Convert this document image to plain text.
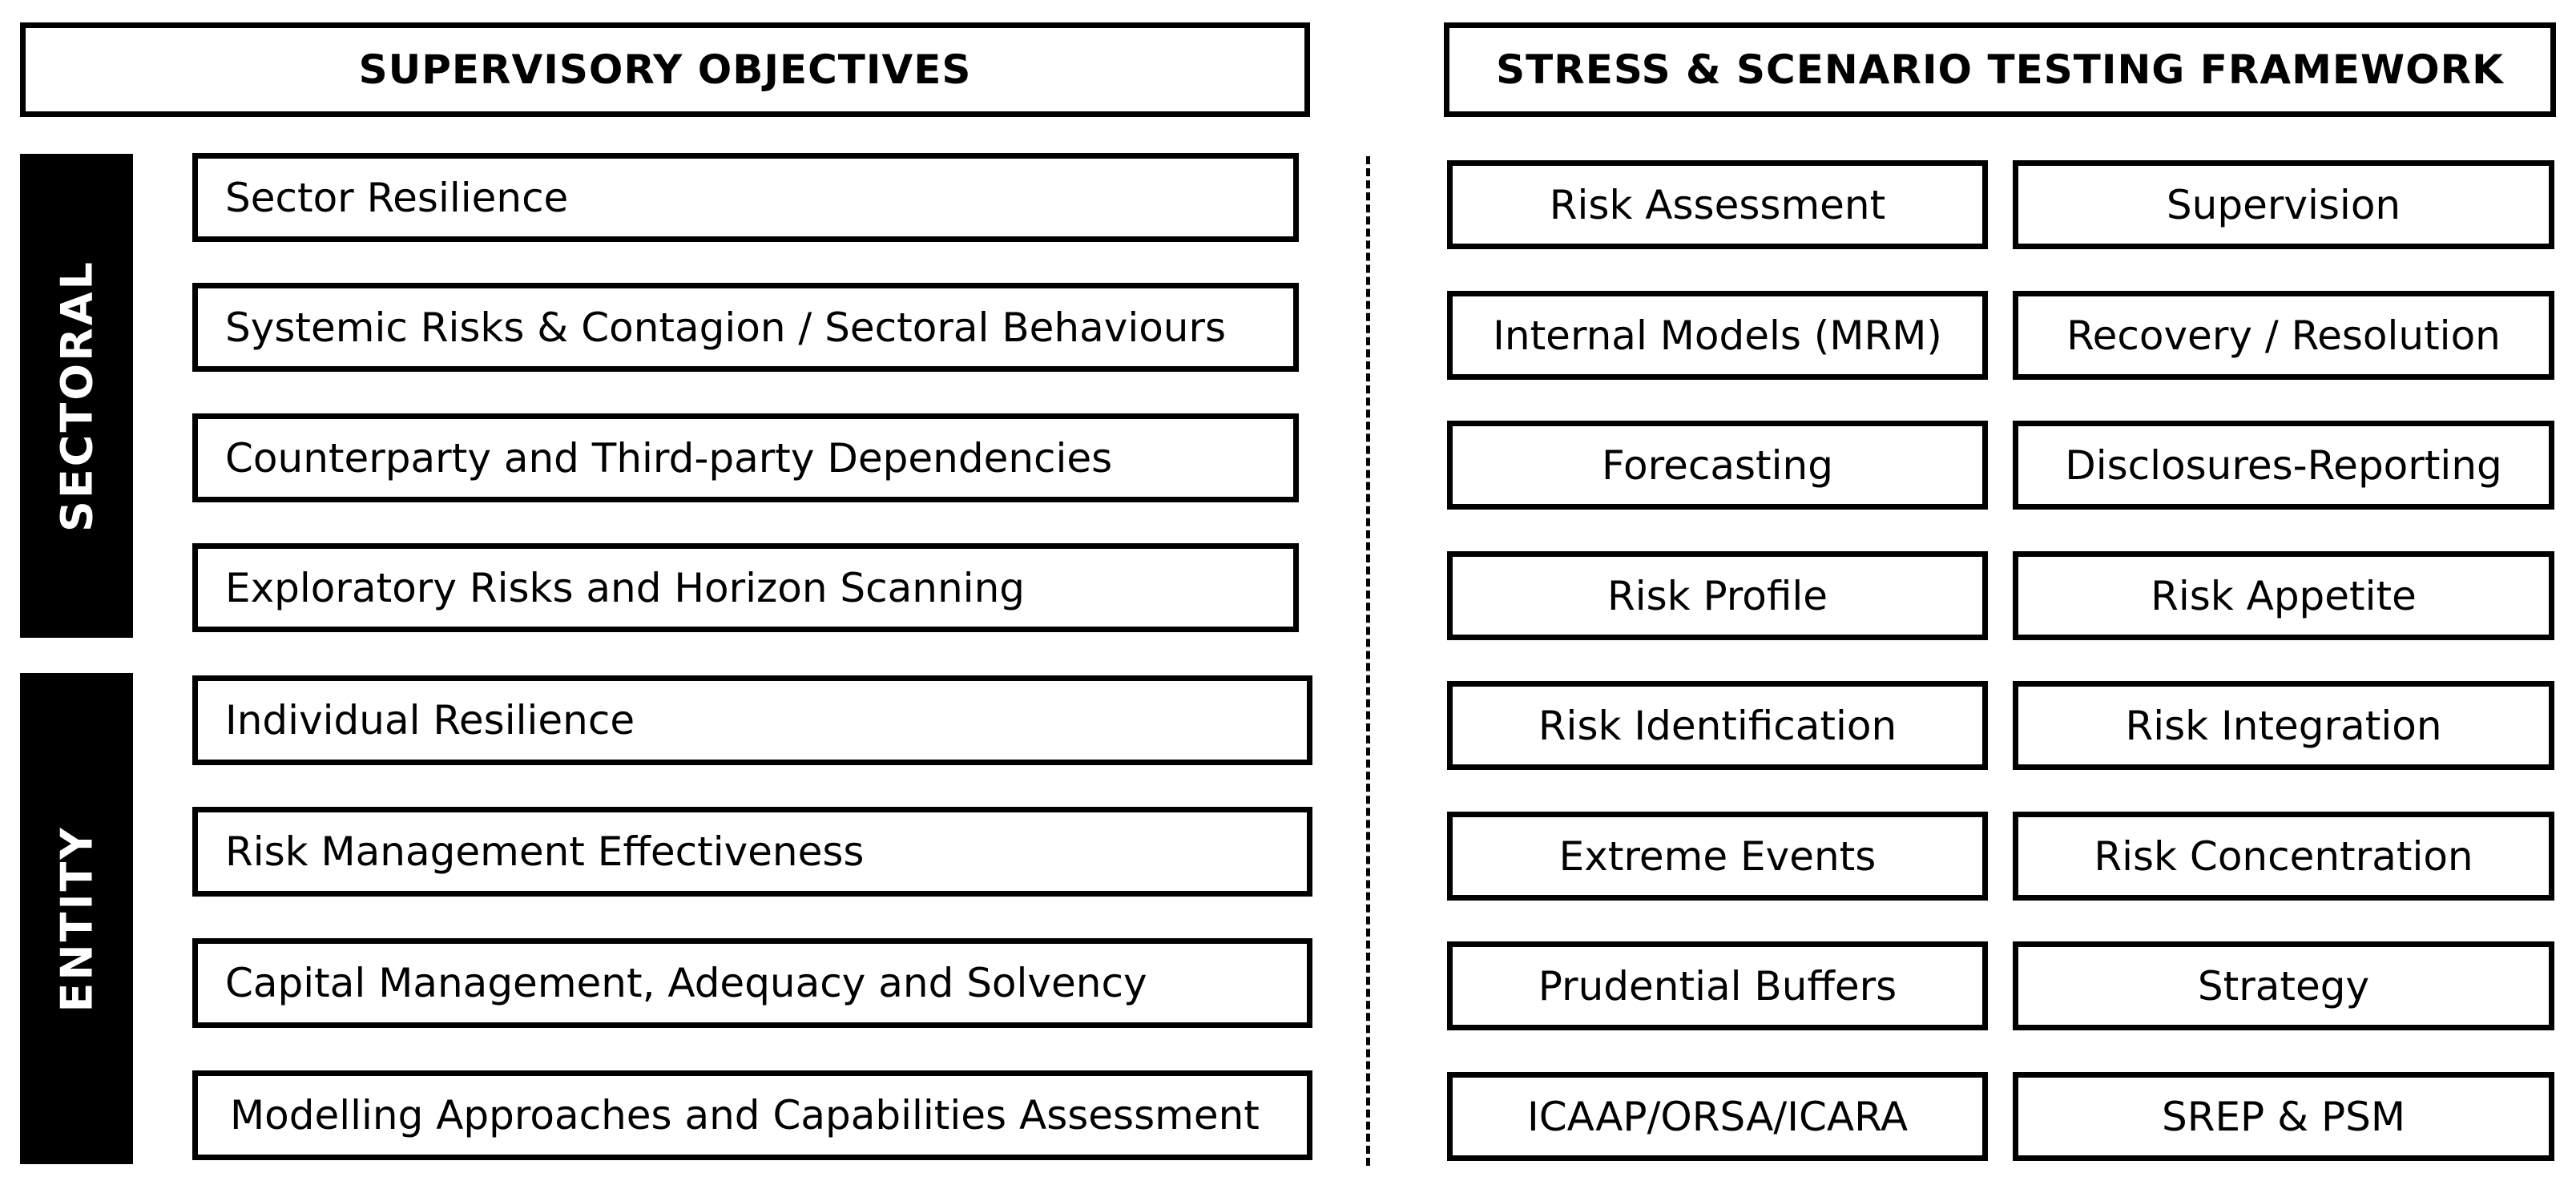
SUPERVISORY OBJECTIVES	STRESS & SCENARIO TESTING FRAMEWORK
SECTORAL
ENTITY
Sector Resilience
Systemic Risks & Contagion / Sectoral Behaviours
Counterparty and Third-party Dependencies
Exploratory Risks and Horizon Scanning
Individual Resilience
Risk Management Effectiveness
Capital Management, Adequacy and Solvency
Modelling Approaches and Capabilities Assessment
Risk Assessment
Internal Models (MRM)
Forecasting
Risk Profile
Risk Identification
Extreme Events
Prudential Buffers
ICAAP/ORSA/ICARA
Supervision
Recovery / Resolution
Disclosures-Reporting
Risk Appetite
Risk Integration
Risk Concentration
Strategy
SREP & PSM
